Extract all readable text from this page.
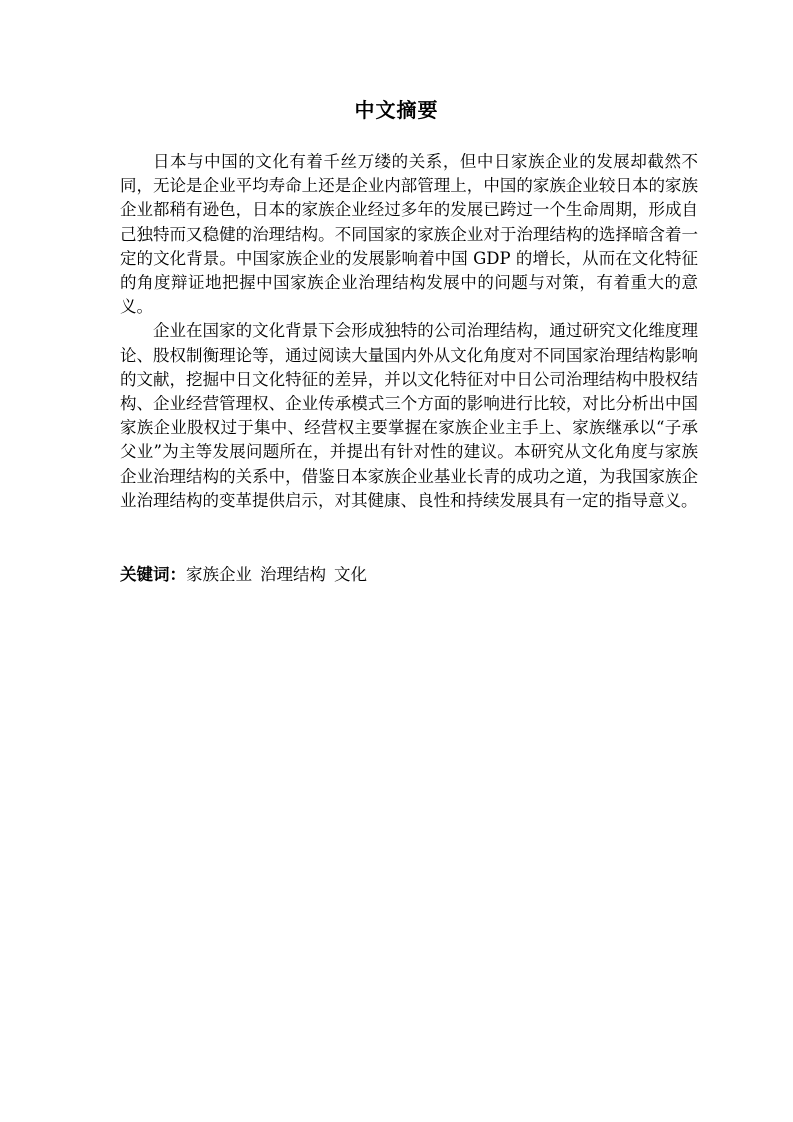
中文摘要

日本与中国的文化有着千丝万缕的关系，但中日家族企业的发展却截然不同，无论是企业平均寿命上还是企业内部管理上，中国的家族企业较日本的家族企业都稍有逊色，日本的家族企业经过多年的发展已跨过一个生命周期，形成自己独特而又稳健的治理结构。不同国家的家族企业对于治理结构的选择暗含着一定的文化背景。中国家族企业的发展影响着中国 GDP 的增长，从而在文化特征的角度辩证地把握中国家族企业治理结构发展中的问题与对策，有着重大的意义。

企业在国家的文化背景下会形成独特的公司治理结构，通过研究文化维度理论、股权制衡理论等，通过阅读大量国内外从文化角度对不同国家治理结构影响的文献，挖掘中日文化特征的差异，并以文化特征对中日公司治理结构中股权结构、企业经营管理权、企业传承模式三个方面的影响进行比较，对比分析出中国家族企业股权过于集中、经营权主要掌握在家族企业主手上、家族继承以“子承父业”为主等发展问题所在，并提出有针对性的建议。本研究从文化角度与家族企业治理结构的关系中，借鉴日本家族企业基业长青的成功之道，为我国家族企业治理结构的变革提供启示，对其健康、良性和持续发展具有一定的指导意义。

关键词：家族企业 治理结构 文化
